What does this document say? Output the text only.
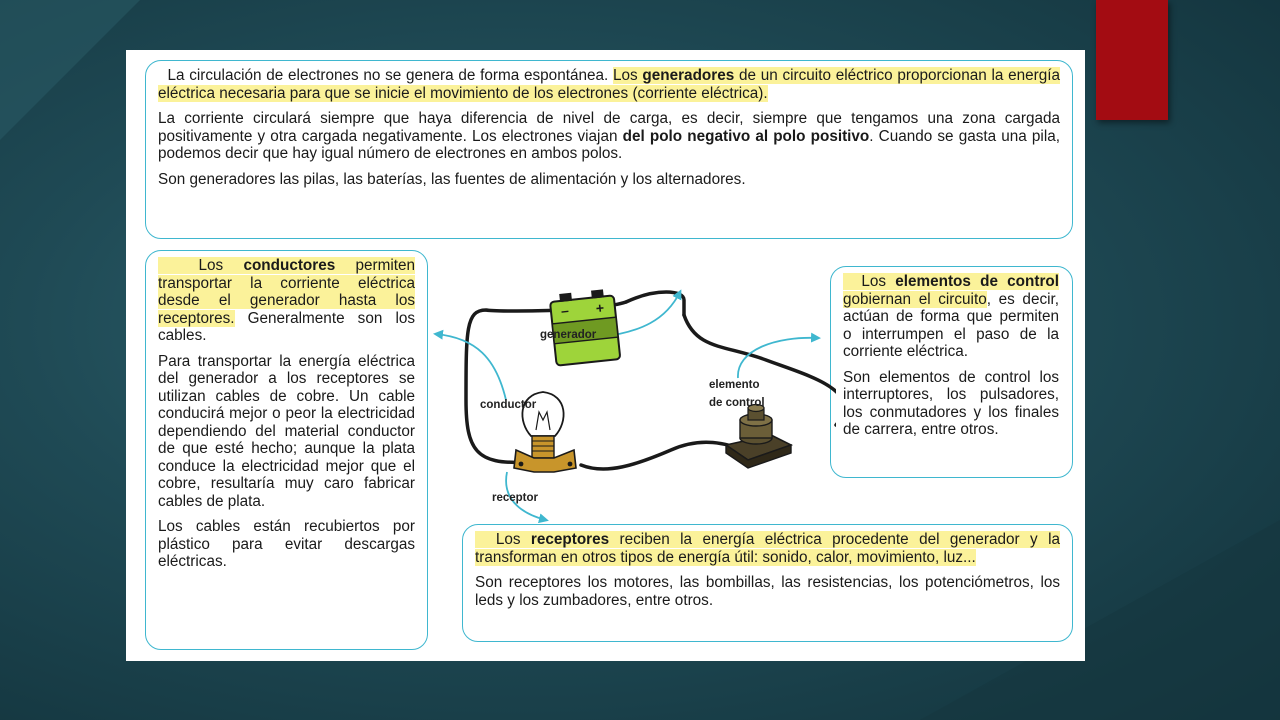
La circulación de electrones no se genera de forma espontánea. Los generadores de un circuito eléctrico proporcionan la energía eléctrica necesaria para que se inicie el movimiento de los electrones (corriente eléctrica).

La corriente circulará siempre que haya diferencia de nivel de carga, es decir, siempre que tengamos una zona cargada positivamente y otra cargada negativamente. Los electrones viajan del polo negativo al polo positivo. Cuando se gasta una pila, podemos decir que hay igual número de electrones en ambos polos.

Son generadores las pilas, las baterías, las fuentes de alimentación y los alternadores.

Los conductores permiten transportar la corriente eléctrica desde el generador hasta los receptores. Generalmente son los cables.

Para transportar la energía eléctrica del generador a los receptores se utilizan cables de cobre. Un cable conducirá mejor o peor la electricidad dependiendo del material conductor de que esté hecho; aunque la plata conduce la electricidad mejor que el cobre, resultaría muy caro fabricar cables de plata.

Los cables están recubiertos por plástico para evitar descargas eléctricas.

Los elementos de control gobiernan el circuito, es decir, actúan de forma que permiten o interrumpen el paso de la corriente eléctrica.

Son elementos de control los interruptores, los pulsadores, los conmutadores y los finales de carrera, entre otros.

Los receptores reciben la energía eléctrica procedente del generador y la transforman en otros tipos de energía útil: sonido, calor, movimiento, luz...

Son receptores los motores, las bombillas, las resistencias, los potenciómetros, los leds y los zumbadores, entre otros.

– +
generador
conductor
receptor
elemento
de control
